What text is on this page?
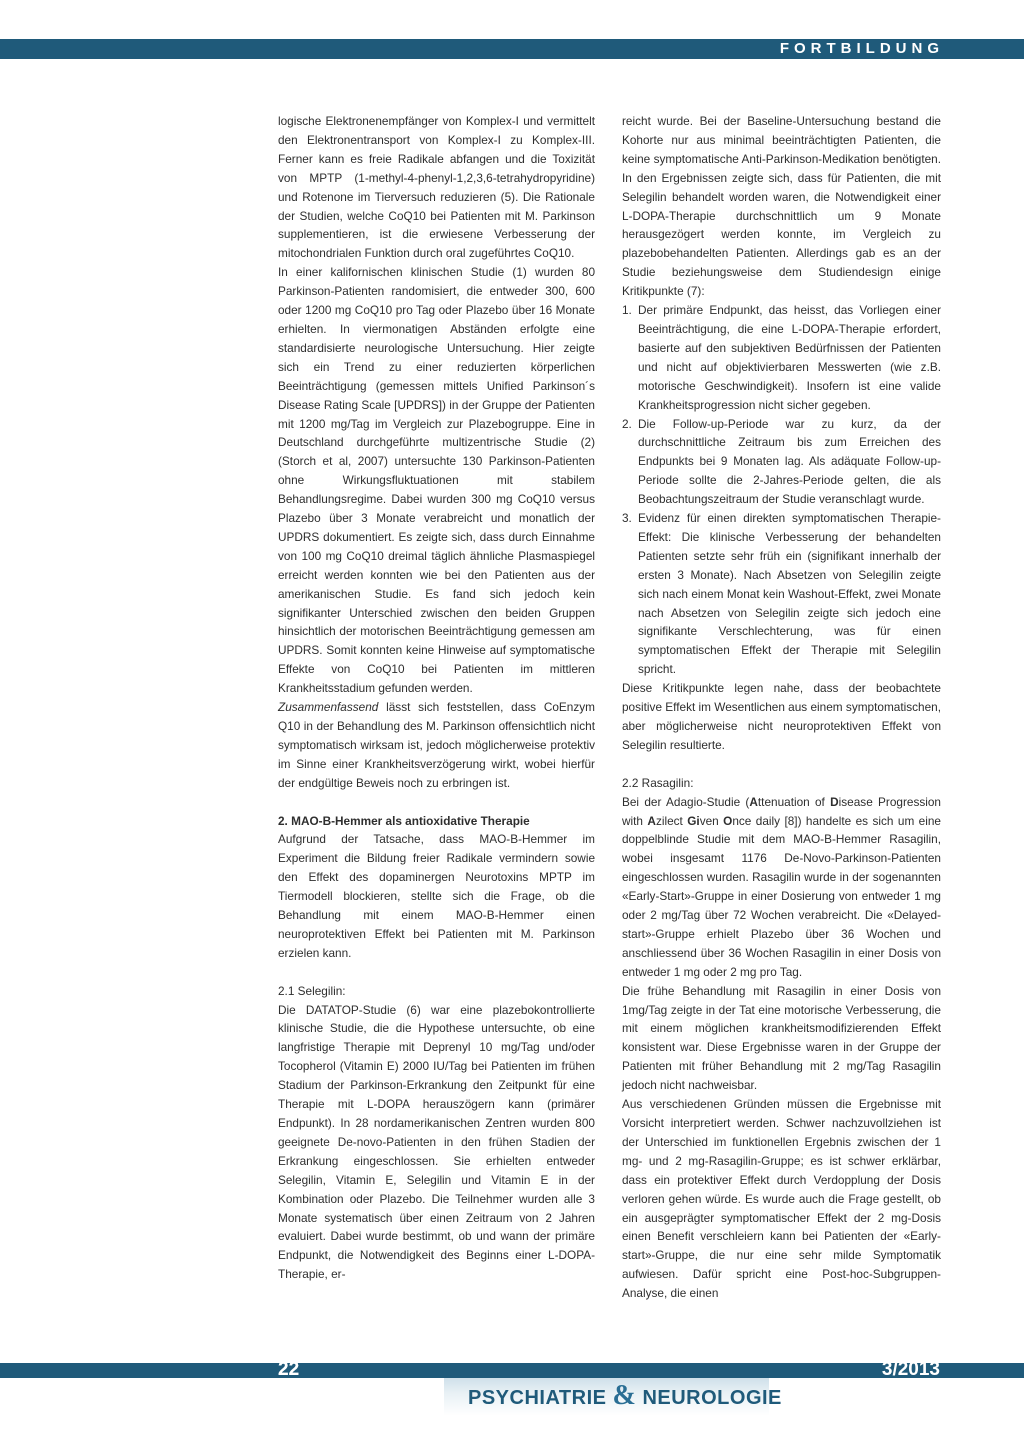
FORTBILDUNG

logische Elektronenempfänger von Komplex-I und vermittelt den Elektronentransport von Komplex-I zu Komplex-III. Ferner kann es freie Radikale abfangen und die Toxizität von MPTP (1-methyl-4-phenyl-1,2,3,6-tetrahydropyridine) und Rotenone im Tierversuch reduzieren (5). Die Rationale der Studien, welche CoQ10 bei Patienten mit M. Parkinson supplementieren, ist die erwiesene Verbesserung der mitochondrialen Funktion durch oral zugeführtes CoQ10.

In einer kalifornischen klinischen Studie (1) wurden 80 Parkinson-Patienten randomisiert, die entweder 300, 600 oder 1200 mg CoQ10 pro Tag oder Plazebo über 16 Monate erhielten. In viermonatigen Abständen erfolgte eine standardisierte neurologische Untersuchung. Hier zeigte sich ein Trend zu einer reduzierten körperlichen Beeinträchtigung (gemessen mittels Unified Parkinson´s Disease Rating Scale [UPDRS]) in der Gruppe der Patienten mit 1200 mg/Tag im Vergleich zur Plazebogruppe. Eine in Deutschland durchgeführte multizentrische Studie (2) (Storch et al, 2007) untersuchte 130 Parkinson-Patienten ohne Wirkungsfluktuationen mit stabilem Behandlungsregime. Dabei wurden 300 mg CoQ10 versus Plazebo über 3 Monate verabreicht und monatlich der UPDRS dokumentiert. Es zeigte sich, dass durch Einnahme von 100 mg CoQ10 dreimal täglich ähnliche Plasmaspiegel erreicht werden konnten wie bei den Patienten aus der amerikanischen Studie. Es fand sich jedoch kein signifikanter Unterschied zwischen den beiden Gruppen hinsichtlich der motorischen Beeinträchtigung gemessen am UPDRS. Somit konnten keine Hinweise auf symptomatische Effekte von CoQ10 bei Patienten im mittleren Krankheitsstadium gefunden werden.

Zusammenfassend lässt sich feststellen, dass CoEnzym Q10 in der Behandlung des M. Parkinson offensichtlich nicht symptomatisch wirksam ist, jedoch möglicherweise protektiv im Sinne einer Krankheitsverzögerung wirkt, wobei hierfür der endgültige Beweis noch zu erbringen ist.

2. MAO-B-Hemmer als antioxidative Therapie

Aufgrund der Tatsache, dass MAO-B-Hemmer im Experiment die Bildung freier Radikale vermindern sowie den Effekt des dopaminergen Neurotoxins MPTP im Tiermodell blockieren, stellte sich die Frage, ob die Behandlung mit einem MAO-B-Hemmer einen neuroprotektiven Effekt bei Patienten mit M. Parkinson erzielen kann.

2.1 Selegilin:

Die DATATOP-Studie (6) war eine plazebokontrollierte klinische Studie, die die Hypothese untersuchte, ob eine langfristige Therapie mit Deprenyl 10 mg/Tag und/oder Tocopherol (Vitamin E) 2000 IU/Tag bei Patienten im frühen Stadium der Parkinson-Erkrankung den Zeitpunkt für eine Therapie mit L-DOPA herauszögern kann (primärer Endpunkt). In 28 nordamerikanischen Zentren wurden 800 geeignete De-novo-Patienten in den frühen Stadien der Erkrankung eingeschlossen. Sie erhielten entweder Selegilin, Vitamin E, Selegilin und Vitamin E in der Kombination oder Plazebo. Die Teilnehmer wurden alle 3 Monate systematisch über einen Zeitraum von 2 Jahren evaluiert. Dabei wurde bestimmt, ob und wann der primäre Endpunkt, die Notwendigkeit des Beginns einer L-DOPA-Therapie, er-

reicht wurde. Bei der Baseline-Untersuchung bestand die Kohorte nur aus minimal beeinträchtigten Patienten, die keine symptomatische Anti-Parkinson-Medikation benötigten. In den Ergebnissen zeigte sich, dass für Patienten, die mit Selegilin behandelt worden waren, die Notwendigkeit einer L-DOPA-Therapie durchschnittlich um 9 Monate herausgezögert werden konnte, im Vergleich zu plazebobehandelten Patienten. Allerdings gab es an der Studie beziehungsweise dem Studiendesign einige Kritikpunkte (7):

1. Der primäre Endpunkt, das heisst, das Vorliegen einer Beeinträchtigung, die eine L-DOPA-Therapie erfordert, basierte auf den subjektiven Bedürfnissen der Patienten und nicht auf objektivierbaren Messwerten (wie z.B. motorische Geschwindigkeit). Insofern ist eine valide Krankheitsprogression nicht sicher gegeben.
2. Die Follow-up-Periode war zu kurz, da der durchschnittliche Zeitraum bis zum Erreichen des Endpunkts bei 9 Monaten lag. Als adäquate Follow-up-Periode sollte die 2-Jahres-Periode gelten, die als Beobachtungszeitraum der Studie veranschlagt wurde.
3. Evidenz für einen direkten symptomatischen Therapie-Effekt: Die klinische Verbesserung der behandelten Patienten setzte sehr früh ein (signifikant innerhalb der ersten 3 Monate). Nach Absetzen von Selegilin zeigte sich nach einem Monat kein Washout-Effekt, zwei Monate nach Absetzen von Selegilin zeigte sich jedoch eine signifikante Verschlechterung, was für einen symptomatischen Effekt der Therapie mit Selegilin spricht.

Diese Kritikpunkte legen nahe, dass der beobachtete positive Effekt im Wesentlichen aus einem symptomatischen, aber möglicherweise nicht neuroprotektiven Effekt von Selegilin resultierte.

2.2 Rasagilin:

Bei der Adagio-Studie (Attenuation of Disease Progression with Azilect Given Once daily [8]) handelte es sich um eine doppelblinde Studie mit dem MAO-B-Hemmer Rasagilin, wobei insgesamt 1176 De-Novo-Parkinson-Patienten eingeschlossen wurden. Rasagilin wurde in der sogenannten «Early-Start»-Gruppe in einer Dosierung von entweder 1 mg oder 2 mg/Tag über 72 Wochen verabreicht. Die «Delayed-start»-Gruppe erhielt Plazebo über 36 Wochen und anschliessend über 36 Wochen Rasagilin in einer Dosis von entweder 1 mg oder 2 mg pro Tag.

Die frühe Behandlung mit Rasagilin in einer Dosis von 1mg/Tag zeigte in der Tat eine motorische Verbesserung, die mit einem möglichen krankheitsmodifizierenden Effekt konsistent war. Diese Ergebnisse waren in der Gruppe der Patienten mit früher Behandlung mit 2 mg/Tag Rasagilin jedoch nicht nachweisbar.

Aus verschiedenen Gründen müssen die Ergebnisse mit Vorsicht interpretiert werden. Schwer nachzuvollziehen ist der Unterschied im funktionellen Ergebnis zwischen der 1 mg- und 2 mg-Rasagilin-Gruppe; es ist schwer erklärbar, dass ein protektiver Effekt durch Verdopplung der Dosis verloren gehen würde. Es wurde auch die Frage gestellt, ob ein ausgeprägter symptomatischer Effekt der 2 mg-Dosis einen Benefit verschleiern kann bei Patienten der «Early-start»-Gruppe, die nur eine sehr milde Symptomatik aufwiesen. Dafür spricht eine Post-hoc-Subgruppen-Analyse, die einen

22	3/2013
PSYCHIATRIE & NEUROLOGIE
